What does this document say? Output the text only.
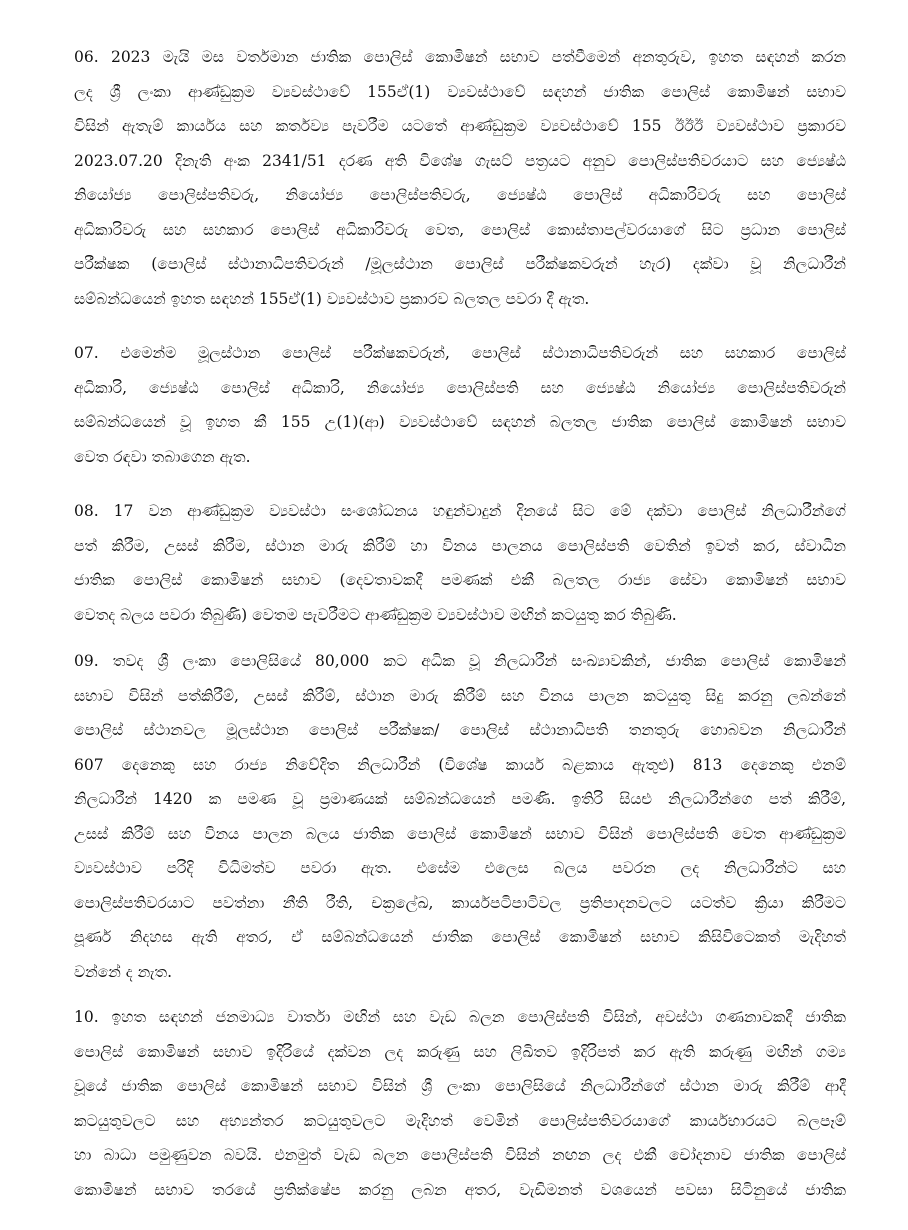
06. 2023 මැයි මස වර්තමාන ජාතික පොලිස් කොමිෂන් සභාව පත්වීමෙන් අනතුරුව, ඉහත සඳහන් කරන
ලද ශ්‍රී ලංකා ආණ්ඩුක්‍රම ව්‍යවස්ථාවේ 155ඒ(1) ව්‍යවස්ථාවේ සඳහන් ජාතික පොලිස් කොමිෂන් සභාව
විසින් ඇතැම් කාර්යය සහ කර්තව්‍ය පැවරීම යටතේ ආණ්ඩුක්‍රම ව්‍යවස්ථාවේ 155 ඊඊඊ ව්‍යවස්ථාව ප්‍රකාරව
2023.07.20 දිනැති අංක 2341/51 දරණ අති විශේෂ ගැසට් පත්‍රයට අනුව පොලිස්පතිවරයාට සහ ජ්‍යෙෂ්ඨ
නියෝජ්‍ය පොලිස්පතිවරු, නියෝජ්‍ය පොලිස්පතිවරු, ජ්‍යෙෂ්ඨ පොලිස් අධිකාරිවරු සහ පොලිස්
අධිකාරිවරු සහ සහකාර පොලිස් අධිකාරිවරු වෙත, පොලිස් කොස්තාපල්වරයාගේ සිට ප්‍රධාන පොලිස්
පරීක්ෂක (පොලිස් ස්ථානාධිපතිවරුන් /මූලස්ථාන පොලිස් පරීක්ෂකවරුන් හැර) දක්වා වූ නිලධාරීන්
සම්බන්ධයෙන් ඉහත සඳහන් 155ඒ(1) ව්‍යවස්ථාව ප්‍රකාරව බලතල පවරා දී ඇත.
07. එමෙන්ම මූලස්ථාන පොලිස් පරීක්ෂකවරුන්, පොලිස් ස්ථානාධිපතිවරුන් සහ සහකාර පොලිස්
අධිකාරි, ජ්‍යෙෂ්ඨ පොලිස් අධිකාරි, නියෝජ්‍ය පොලිස්පති සහ ජ්‍යෙෂ්ඨ නියෝජ්‍ය පොලිස්පතිවරුන්
සම්බන්ධයෙන් වූ ඉහත කී 155 උ(1)(ආ) ව්‍යවස්ථාවේ සඳහන් බලතල ජාතික පොලිස් කොමිෂන් සභාව
වෙත රඳවා තබාගෙන ඇත.
08. 17 වන ආණ්ඩුක්‍රම ව්‍යවස්ථා සංශෝධනය හඳුන්වාදුන් දිනයේ සිට මේ දක්වා පොලිස් නිලධාරීන්ගේ
පත් කිරීම, උසස් කිරීම, ස්ථාන මාරු කිරීම් හා විනය පාලනය පොලිස්පති වෙතින් ඉවත් කර, ස්වාධීන
ජාතික පොලිස් කොමිෂන් සභාව (දෙවතාවකදී පමණක් එකී බලතල රාජ්‍ය සේවා කොමිෂන් සභාව
වෙතද බලය පවරා තිබුණි) වෙතම පැවරීමට ආණ්ඩුක්‍රම ව්‍යවස්ථාව මඟින් කටයුතු කර තිබුණි.
09. තවද ශ්‍රී ලංකා පොලිසියේ 80,000 කට අධික වූ නිලධාරීන් සංඛ්‍යාවකින්, ජාතික පොලිස් කොමිෂන්
සභාව විසින් පත්කිරීම්, උසස් කිරීම්, ස්ථාන මාරු කිරීම් සහ විනය පාලන කටයුතු සිදු කරනු ලබන්නේ
පොලිස් ස්ථානවල මූලස්ථාන පොලිස් පරීක්ෂක/ පොලිස් ස්ථානාධිපති තනතුරු හොබවන නිලධාරීන්
607 දෙනෙකු සහ රාජ්‍ය නිවේදිත නිලධාරීන් (විශේෂ කාර්ය බළකාය ඇතුළු) 813 දෙනෙකු එනම්
නිලධාරීන් 1420 ක පමණ වූ ප්‍රමාණයක් සම්බන්ධයෙන් පමණි. ඉතිරි සියළු නිලධාරීන්ගෙ පත් කිරීම්,
උසස් කිරීම් සහ විනය පාලන බලය ජාතික පොලිස් කොමිෂන් සභාව විසින් පොලිස්පති වෙත ආණ්ඩුක්‍රම
ව්‍යවස්ථාව පරිදි විධිමත්ව පවරා ඇත. එසේම එලෙස බලය පවරන ලද නිලධාරීන්ට සහ
පොලිස්පතිවරයාට පවත්නා නීති රීති, චක්‍රලේඛ, කාර්යපටිපාටිවල ප්‍රතිපාදනවලට යටත්ව ක්‍රියා කිරීමට
පූර්ණ නිදහස ඇති අතර, ඒ සම්බන්ධයෙන් ජාතික පොලිස් කොමිෂන් සභාව කිසිවිටෙකත් මැදිහත්
වන්නේ ද නැත.
10. ඉහත සඳහන් ජනමාධ්‍ය වාර්තා මඟින් සහ වැඩ බලන පොලිස්පති විසින්, අවස්ථා ගණනාවකදී ජාතික
පොලිස් කොමිෂන් සභාව ඉදිරියේ දක්වන ලද කරුණු සහ ලිඛිතව ඉදිරිපත් කර ඇති කරුණු මඟින් ගම්‍ය
වූයේ ජාතික පොලිස් කොමිෂන් සභාව විසින් ශ්‍රී ලංකා පොලිසියේ නිලධාරීන්ගේ ස්ථාන මාරු කිරීම් ආදී
කටයුතුවලට සහ අභ්‍යන්තර කටයුතුවලට මැදිහත් වෙමින් පොලිස්පතිවරයාගේ කාර්යභාරයට බලපෑම්
හා බාධා පමුණුවන බවයි. එනමුත් වැඩ බලන පොලිස්පති විසින් නඟන ලද එකී චෝදනාව ජාතික පොලිස්
කොමිෂන් සභාව තරයේ ප්‍රතික්ෂේප කරනු ලබන අතර, වැඩිමනත් වශයෙන් පවසා සිටිනුයේ ජාතික
